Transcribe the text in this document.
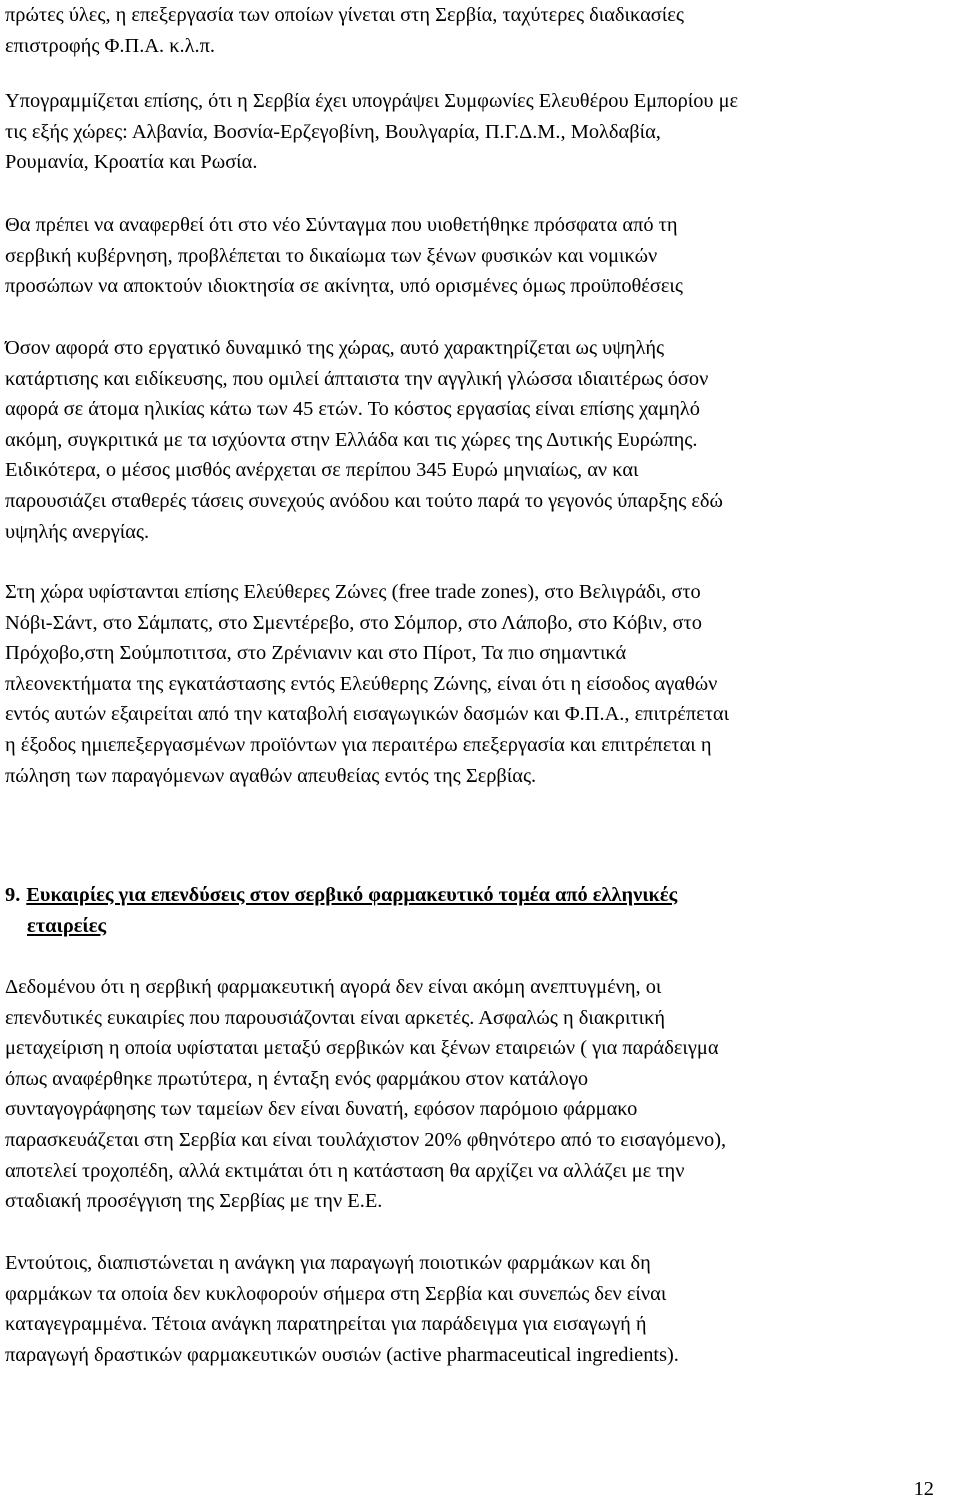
πρώτες ύλες, η επεξεργασία των οποίων γίνεται στη Σερβία, ταχύτερες διαδικασίες
επιστροφής Φ.Π.Α. κ.λ.π.
Υπογραμμίζεται επίσης, ότι η Σερβία έχει υπογράψει Συμφωνίες Ελευθέρου Εμπορίου με
τις εξής χώρες: Αλβανία, Βοσνία-Ερζεγοβίνη, Βουλγαρία, Π.Γ.Δ.Μ., Μολδαβία,
Ρουμανία, Κροατία και Ρωσία.
Θα πρέπει να αναφερθεί ότι στο νέο Σύνταγμα που υιοθετήθηκε πρόσφατα από τη
σερβική κυβέρνηση, προβλέπεται το δικαίωμα των ξένων φυσικών και νομικών
προσώπων να αποκτούν ιδιοκτησία σε ακίνητα, υπό ορισμένες όμως προϋποθέσεις
Όσον αφορά στο εργατικό δυναμικό της χώρας, αυτό χαρακτηρίζεται ως υψηλής
κατάρτισης και ειδίκευσης, που ομιλεί άπταιστα την αγγλική γλώσσα ιδιαιτέρως όσον
αφορά σε άτομα ηλικίας κάτω των 45 ετών. Το κόστος εργασίας είναι επίσης χαμηλό
ακόμη, συγκριτικά με τα ισχύοντα στην Ελλάδα και τις χώρες της Δυτικής Ευρώπης.
Ειδικότερα, ο μέσος μισθός ανέρχεται σε περίπου 345 Ευρώ μηνιαίως, αν και
παρουσιάζει σταθερές τάσεις συνεχούς ανόδου και τούτο παρά το γεγονός ύπαρξης εδώ
υψηλής ανεργίας.
Στη χώρα υφίστανται επίσης Ελεύθερες Ζώνες (free trade zones), στο Βελιγράδι, στο
Νόβι-Σάντ, στο Σάμπατς, στο Σμεντέρεβο, στο Σόμπορ, στο Λάποβο, στο Κόβιν, στο
Πρόχοβο,στη Σούμποτιτσα, στο Ζρένιανιν και στο Πίροτ, Τα πιο σημαντικά
πλεονεκτήματα της εγκατάστασης εντός Ελεύθερης Ζώνης, είναι ότι η είσοδος αγαθών
εντός αυτών εξαιρείται από την καταβολή εισαγωγικών δασμών και Φ.Π.Α., επιτρέπεται
η έξοδος ημιεπεξεργασμένων προϊόντων για περαιτέρω επεξεργασία και επιτρέπεται η
πώληση των παραγόμενων αγαθών απευθείας εντός της Σερβίας.
9. Ευκαιρίες για επενδύσεις στον σερβικό φαρμακευτικό τομέα από ελληνικές
εταιρείες
Δεδομένου ότι η σερβική φαρμακευτική αγορά δεν είναι ακόμη ανεπτυγμένη, οι
επενδυτικές ευκαιρίες που παρουσιάζονται είναι αρκετές. Ασφαλώς η διακριτική
μεταχείριση η οποία υφίσταται μεταξύ σερβικών και ξένων εταιρειών ( για παράδειγμα
όπως αναφέρθηκε πρωτύτερα, η ένταξη ενός φαρμάκου στον κατάλογο
συνταγογράφησης των ταμείων δεν είναι δυνατή, εφόσον παρόμοιο φάρμακο
παρασκευάζεται στη Σερβία και είναι τουλάχιστον 20% φθηνότερο από το εισαγόμενο),
αποτελεί τροχοπέδη, αλλά εκτιμάται ότι η κατάσταση θα αρχίζει να αλλάζει με την
σταδιακή προσέγγιση της Σερβίας με την Ε.Ε.
Εντούτοις, διαπιστώνεται η ανάγκη για παραγωγή ποιοτικών φαρμάκων και δη
φαρμάκων τα οποία δεν κυκλοφορούν σήμερα στη Σερβία και συνεπώς δεν είναι
καταγεγραμμένα. Τέτοια ανάγκη παρατηρείται για παράδειγμα για εισαγωγή ή
παραγωγή δραστικών φαρμακευτικών ουσιών (active pharmaceutical ingredients).
12
